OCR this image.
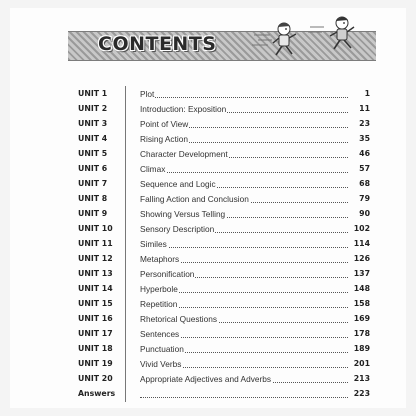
CONTENTS
UNIT 1	Plot	1
UNIT 2	Introduction: Exposition	11
UNIT 3	Point of View	23
UNIT 4	Rising Action	35
UNIT 5	Character Development	46
UNIT 6	Climax	57
UNIT 7	Sequence and Logic	68
UNIT 8	Falling Action and Conclusion	79
UNIT 9	Showing Versus Telling	90
UNIT 10	Sensory Description	102
UNIT 11	Similes	114
UNIT 12	Metaphors	126
UNIT 13	Personification	137
UNIT 14	Hyperbole	148
UNIT 15	Repetition	158
UNIT 16	Rhetorical Questions	169
UNIT 17	Sentences	178
UNIT 18	Punctuation	189
UNIT 19	Vivid Verbs	201
UNIT 20	Appropriate Adjectives and Adverbs	213
Answers	223
